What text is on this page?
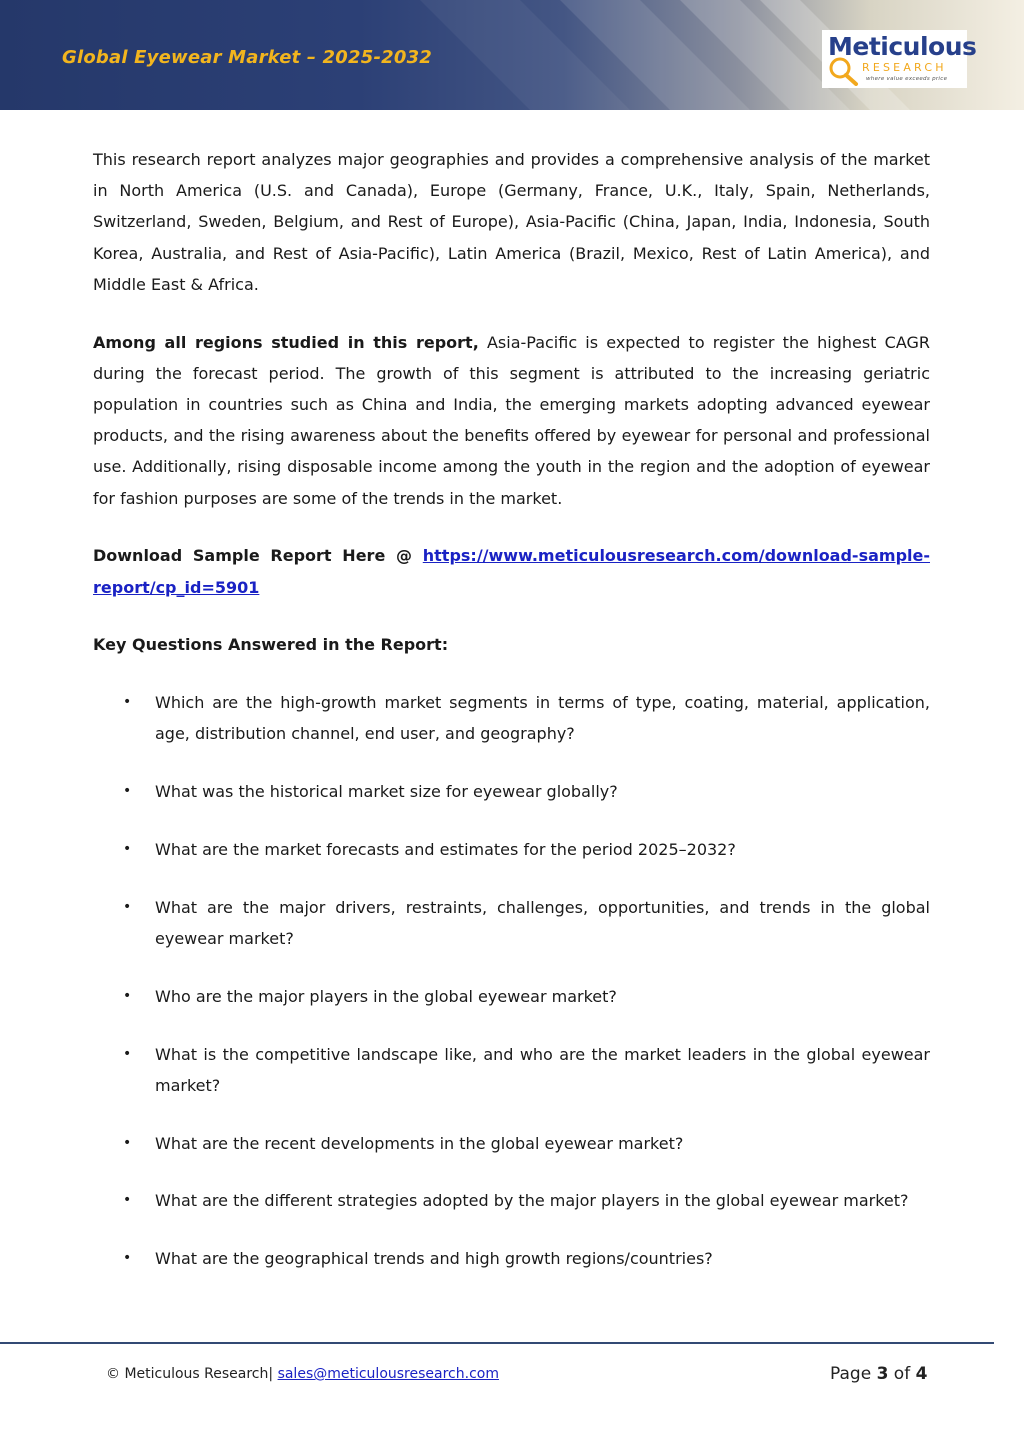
Global Eyewear Market – 2025-2032	Meticulous
RESEARCH
where value exceeds price

This research report analyzes major geographies and provides a comprehensive analysis of the market in North America (U.S. and Canada), Europe (Germany, France, U.K., Italy, Spain, Netherlands, Switzerland, Sweden, Belgium, and Rest of Europe), Asia-Pacific (China, Japan, India, Indonesia, South Korea, Australia, and Rest of Asia-Pacific), Latin America (Brazil, Mexico, Rest of Latin America), and Middle East & Africa.

Among all regions studied in this report, Asia-Pacific is expected to register the highest CAGR during the forecast period. The growth of this segment is attributed to the increasing geriatric population in countries such as China and India, the emerging markets adopting advanced eyewear products, and the rising awareness about the benefits offered by eyewear for personal and professional use. Additionally, rising disposable income among the youth in the region and the adoption of eyewear for fashion purposes are some of the trends in the market.

Download Sample Report Here @ https://www.meticulousresearch.com/download-sample-report/cp_id=5901
Key Questions Answered in the Report:
• Which are the high-growth market segments in terms of type, coating, material, application, age, distribution channel, end user, and geography?
• What was the historical market size for eyewear globally?
• What are the market forecasts and estimates for the period 2025–2032?
• What are the major drivers, restraints, challenges, opportunities, and trends in the global eyewear market?
• Who are the major players in the global eyewear market?
• What is the competitive landscape like, and who are the market leaders in the global eyewear market?
• What are the recent developments in the global eyewear market?
• What are the different strategies adopted by the major players in the global eyewear market?
• What are the geographical trends and high growth regions/countries?
© Meticulous Research| sales@meticulousresearch.com	Page 3 of 4
